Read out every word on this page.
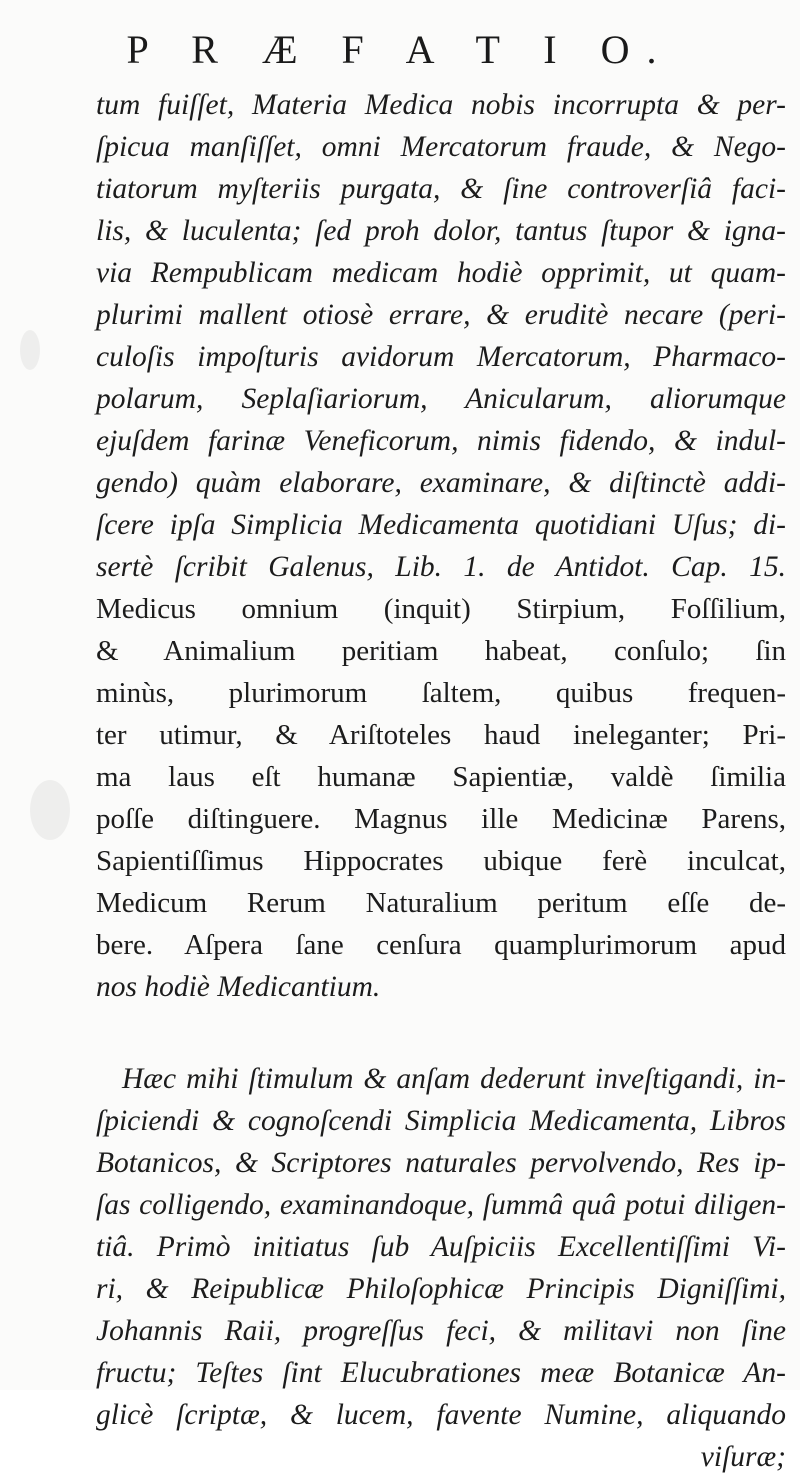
P R Æ F A T I O.
tum fuiſſet, Materia Medica nobis incorrupta & per-
ſpicua manſiſſet, omni Mercatorum fraude, & Nego-
tiatorum myſteriis purgata, & ſine controverſiâ faci-
lis, & luculenta; ſed proh dolor, tantus ſtupor & igna-
via Rempublicam medicam hodiè opprimit, ut quam-
plurimi mallent otiosè errare, & eruditè necare (peri-
culoſis impoſturis avidorum Mercatorum, Pharmaco-
polarum, Seplaſiariorum, Anicularum, aliorumque
ejuſdem farinæ Veneficorum, nimis fidendo, & indul-
gendo) quàm elaborare, examinare, & diſtinctè addi-
ſcere ipſa Simplicia Medicamenta quotidiani Uſus; di-
sertè ſcribit Galenus, Lib. 1. de Antidot. Cap. 15.
Medicus omnium (inquit) Stirpium, Foſſilium,
& Animalium peritiam habeat, conſulo; ſin
minùs, plurimorum ſaltem, quibus frequen-
ter utimur, & Ariſtoteles haud ineleganter; Pri-
ma laus eſt humanæ Sapientiæ, valdè ſimilia
poſſe diſtinguere. Magnus ille Medicinæ Parens,
Sapientiſſimus Hippocrates ubique ferè inculcat,
Medicum Rerum Naturalium peritum eſſe de-
bere. Aſpera ſane cenſura quamplurimorum apud
nos hodiè Medicantium.
Hæc mihi ſtimulum & anſam dederunt inveſtigandi, in-
ſpiciendi & cognoſcendi Simplicia Medicamenta, Libros
Botanicos, & Scriptores naturales pervolvendo, Res ip-
ſas colligendo, examinandoque, ſummâ quâ potui diligen-
tiâ. Primò initiatus ſub Auſpiciis Excellentiſſimi Vi-
ri, & Reipublicæ Philoſophicæ Principis Digniſſimi,
Johannis Raii, progreſſus feci, & militavi non ſine
fructu; Teſtes ſint Elucubrationes meæ Botanicæ An-
glicè ſcriptæ, & lucem, favente Numine, aliquando
viſuræ;
